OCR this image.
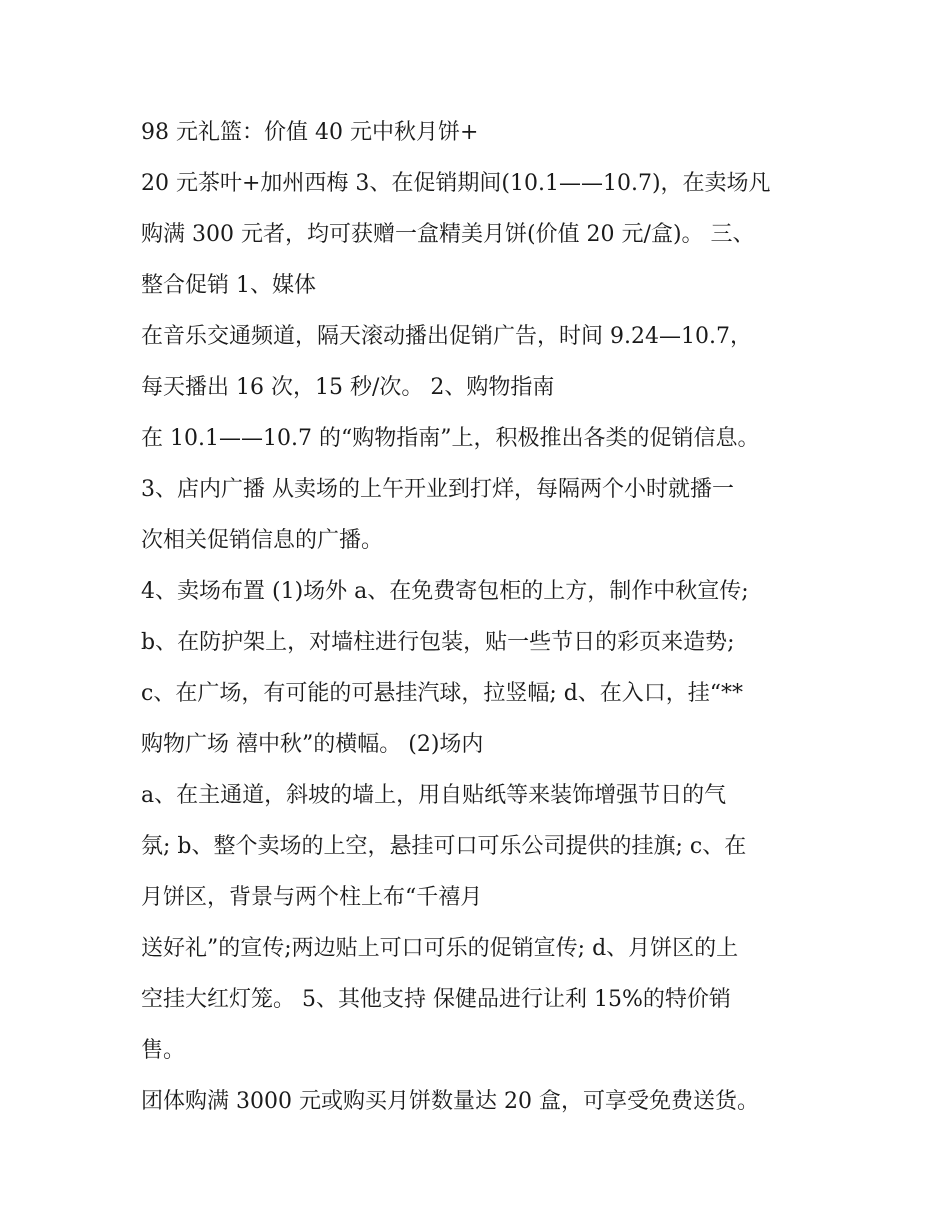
98 元礼篮：价值 40 元中秋月饼+
20 元茶叶+加州西梅 3、在促销期间(10.1——10.7)，在卖场凡
购满 300 元者，均可获赠一盒精美月饼(价值 20 元/盒)。 三、
整合促销 1、媒体
在音乐交通频道，隔天滚动播出促销广告，时间 9.24—10.7，
每天播出 16 次，15 秒/次。 2、购物指南
在 10.1——10.7 的“购物指南”上，积极推出各类的促销信息。
3、店内广播 从卖场的上午开业到打烊，每隔两个小时就播一
次相关促销信息的广播。
4、卖场布置 (1)场外 a、在免费寄包柜的上方，制作中秋宣传;
b、在防护架上，对墙柱进行包装，贴一些节日的彩页来造势;
c、在广场，有可能的可悬挂汽球，拉竖幅; d、在入口，挂“**
购物广场 禧中秋”的横幅。 (2)场内
a、在主通道，斜坡的墙上，用自贴纸等来装饰增强节日的气
氛; b、整个卖场的上空，悬挂可口可乐公司提供的挂旗; c、在
月饼区，背景与两个柱上布“千禧月
送好礼”的宣传;两边贴上可口可乐的促销宣传; d、月饼区的上
空挂大红灯笼。 5、其他支持 保健品进行让利 15%的特价销
售。
团体购满 3000 元或购买月饼数量达 20 盒，可享受免费送货。
